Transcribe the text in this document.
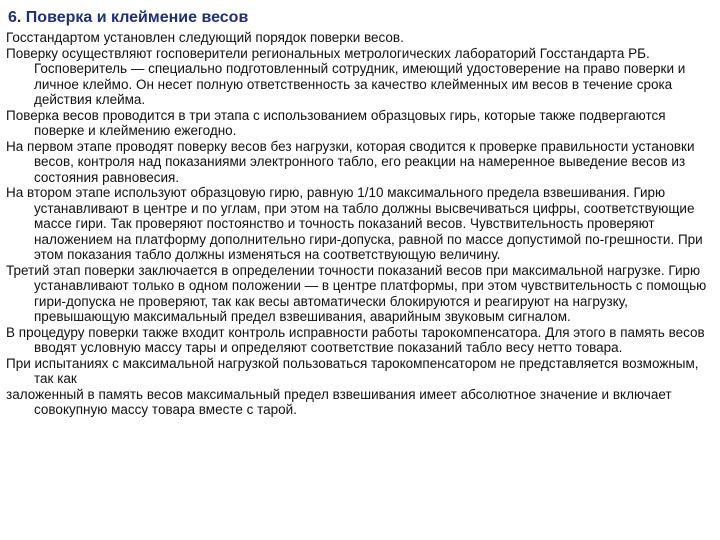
6. Поверка и клеймение весов

Госстандартом установлен следующий порядок поверки весов.

Поверку осуществляют госповерители региональных метрологических лабораторий Госстандарта РБ. Госповеритель — специально подготовленный сотрудник, имеющий удостоверение на право поверки и личное клеймо. Он несет полную ответственность за качество клейменных им весов в течение срока действия клейма.

Поверка весов проводится в три этапа с использованием образцовых гирь, которые также подвергаются поверке и клеймению ежегодно.

На первом этапе проводят поверку весов без нагрузки, которая сводится к проверке правильности установки весов, контроля над показаниями электронного табло, его реакции на намеренное выведение весов из состояния равновесия.

На втором этапе используют образцовую гирю, равную 1/10 максимального предела взвешивания. Гирю устанавливают в центре и по углам, при этом на табло должны высвечиваться цифры, соответствующие массе гири. Так проверяют постоянство и точность показаний весов. Чувствительность проверяют наложением на платформу дополнительно гири-допуска, равной по массе допустимой по-грешности. При этом показания табло должны изменяться на соответствующую величину.

Третий этап поверки заключается в определении точности показаний весов при максимальной нагрузке. Гирю устанавливают только в одном положении — в центре платформы, при этом чувствительность с помощью гири-допуска не проверяют, так как весы автоматически блокируются и реагируют на нагрузку, превышающую максимальный предел взвешивания, аварийным звуковым сигналом.

В процедуру поверки также входит контроль исправности работы тарокомпенсатора. Для этого в память весов вводят условную массу тары и определяют соответствие показаний табло весу нетто товара.

При испытаниях с максимальной нагрузкой пользоваться тарокомпенсатором не представляется возможным, так как

заложенный в память весов максимальный предел взвешивания имеет абсолютное значение и включает совокупную массу товара вместе с тарой.
